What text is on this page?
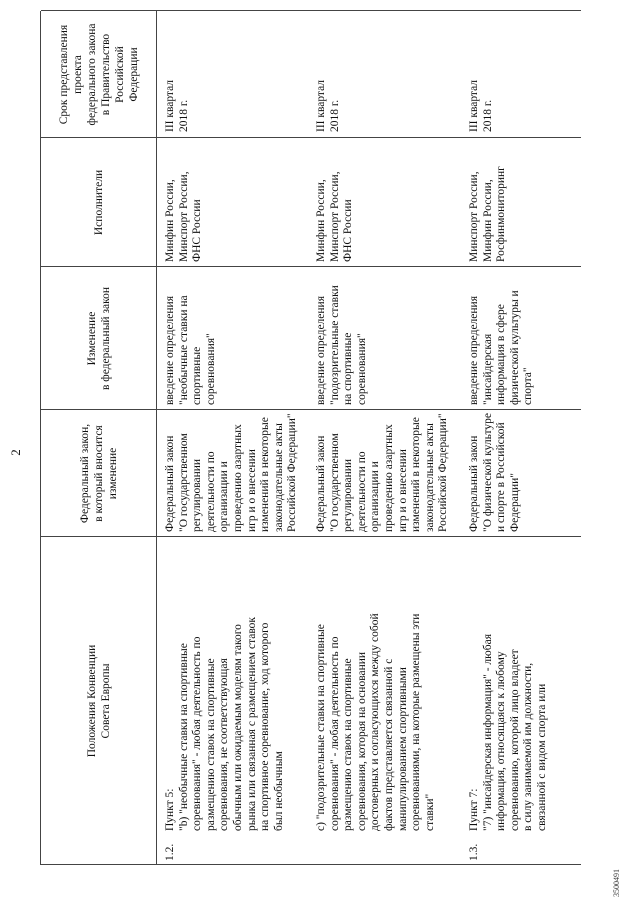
2
Положения Конвенции
Совета Европы
Федеральный закон,
в который вносится
изменение
Изменение
в федеральный закон
Исполнители
Срок представления
проекта
федерального закона
в Правительство
Российской
Федерации
1.2.
Пункт 5:
"b) "необычные ставки на спортивные
соревнования" - любая деятельность по
размещению ставок на спортивные
соревнования, не соответствующая
обычным или ожидаемым моделям такого
рынка или связанная с размещением ставок
на спортивное соревнование, ход которого
был необычным
Федеральный закон
"О государственном
регулировании
деятельности по
организации и
проведению азартных
игр и о внесении
изменений в некоторые
законодательные акты
Российской Федерации"
введение определения
"необычные ставки на
спортивные
соревнования"
Минфин России,
Минспорт России,
ФНС России
III квартал
2018 г.
c) "подозрительные ставки на спортивные
соревнования" - любая деятельность по
размещению ставок на спортивные
соревнования, которая на основании
достоверных и согласующихся между собой
фактов представляется связанной с
манипулированием спортивными
соревнованиями, на которые размещены эти
ставки"
Федеральный закон
"О государственном
регулировании
деятельности по
организации и
проведению азартных
игр и о внесении
изменений в некоторые
законодательные акты
Российской Федерации"
введение определения
"подозрительные ставки
на спортивные
соревнования"
Минфин России,
Минспорт России,
ФНС России
III квартал
2018 г.
1.3.
Пункт 7:
"7) "инсайдерская информация" - любая
информация, относящаяся к любому
соревнованию, которой лицо владеет
в силу занимаемой им должности,
связанной с видом спорта или
Федеральный закон
"О физической культуре
и спорте в Российской
Федерации"
введение определения
"инсайдерская
информация в сфере
физической культуры и
спорта"
Минспорт России,
Минфин России,
Росфинмониторинг
III квартал
2018 г.
3500491
